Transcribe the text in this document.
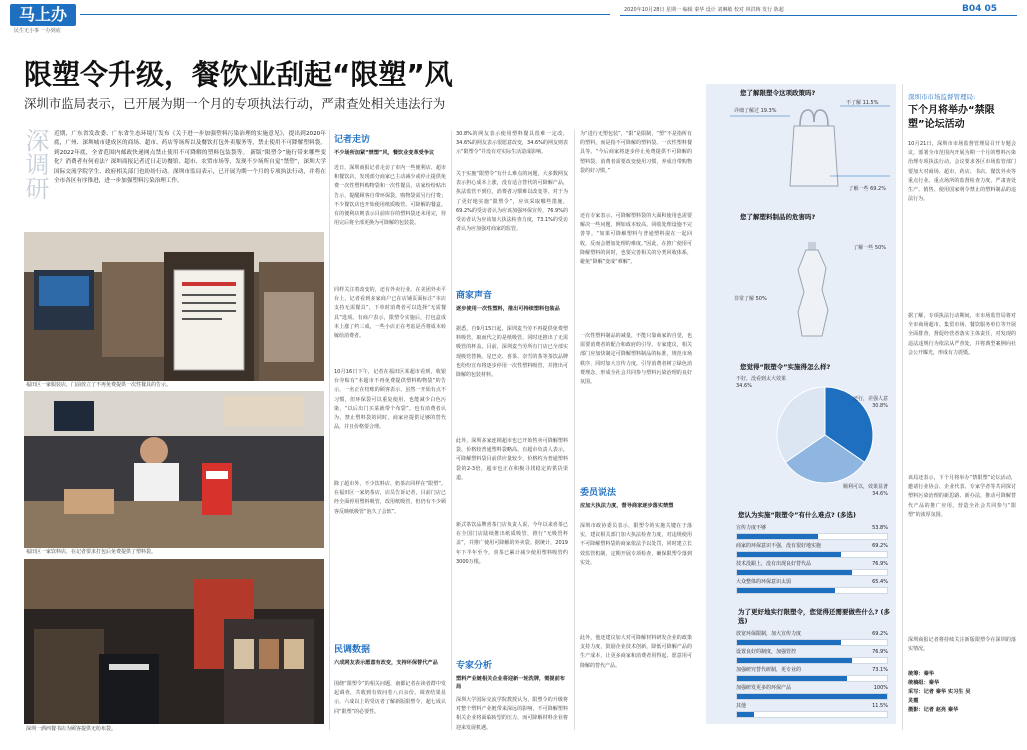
马上办
民生无小事 一办到底
2020年10月28日 星期一 编辑 秦华 设计 刘琳敏 校对 林洪梅 发行 陈超	B04 05
限塑令升级，餐饮业刮起“限塑”风
深圳市监局表示，已开展为期一个月的专项执法行动，严肃查处相关违法行为
深调研 近期，广东省发改委、广东省生态环境厅发布《关于进一步加强塑料污染治理的实施意见》，提出到2020年底，广州、深圳城市建成区的商场、超市、药店等场所以及餐饮打包外卖服务等，禁止使用不可降解塑料袋。到2022年底，全省范围内邮政快递网点禁止使用不可降解的塑料包装袋等。 新版“限塑令”施行带来哪些变化？消费者有何看法？深圳商报记者近日走访餐馆、超市、农贸市场等，发现不少场所自觉“禁塑”，深圳大学国际交流学院学生、政府相关部门也纷纷行动。深圳市监局表示，已开展为期一个月的专项执法行动，并将在全市各区有序推进，进一步加强塑料污染治理工作。
福田区一家服装店，门前放立了不再免费提供一次性餐具的告示。
福田区一家饮料店，在记者要求打包后免费提供了塑料袋。
深圳一酒西餐书店为顾客提供无纺布袋。
记者走访
不少场所加紧“禁塑”风，餐饮业变革受争议
近日，深圳商报记者走访了市内一些便利店、超市和餐饮店，发现部分商家已主动减少或停止提供免费一次性塑料购物袋和一次性餐具，店家纷纷贴出告示，提醒顾客自带环保袋，购物袋需另行付费；不少餐饮店也开始使用纸质吸管、可降解的餐盒。有的便利店则表示目前库存的塑料袋还未用完，待用完后将全部更换为可降解的包装袋。
同样关注着改变的，还有外卖行业。在美团外卖平台上，记者看到多家商户已在店铺页面标注“本店支持无需餐具”，下单时消费者可以选择“无需餐具”选项。有商户表示，限塑令实施后，打包盒成本上涨了约三成，一些小店正在考虑是否将成本转嫁给消费者。
10月16日下午，记者在福田区某超市看到，收银台旁贴有“本超市不再免费提供塑料购物袋”的告示，一名正在结账的顾客表示，虽然一开始有点不习惯，但环保袋可以重复使用，也能减少白色污染，“以后出门买菜就带个布袋”。也有消费者认为，禁止塑料袋的同时，商家应提供足够的替代品，并且价格要合理。
除了超市外，不少饮料店、奶茶店同样在“限塑”。在福田区一家奶茶店，店员告诉记者，目前门店已经全面停用塑料吸管，改用纸吸管，但仍有不少顾客反映纸吸管“泡久了会软”。
民调数据
六成网友表示愿意有改变，支持环保替代产品
围绕“限塑令”的相关问题，南都记者在读者群中发起调查，共收到有效问卷八百余份。调查结果显示，六成以上的受访者了解新版限塑令，超七成认同“限塑”的必要性。
30.8%的网友表示使用塑料餐具很难一定改，34.6%的网友表示很愿意改变，34.6%的网友则表示“限塑令”并没有对实际生活造成影响。
关于实施“限塑令”有什么难点的问题，大多数网友表示担心成本上涨，没有适合替代的可降解产品，执法监管不到位，消费者习惯难以改变等。对于为了更好地实施“限塑令”，应该采取哪些措施，69.2%的受访者认为应该加强环保宣传，76.9%的受访者认为应该加大执法检查力度，73.1%的受访者认为应加强对商家的监管。
商家声音
逐步使用一次性塑料，推出可持续塑料包装品
据悉，自9月15日起，深圳麦当劳不再提供免费塑料吸管，取而代之的是纸吸管，同时还推出了无需吸管的杯盖。目前，深圳麦当劳所有门店已全部实现吸管替换。星巴克、喜茶、奈雪的茶等茶饮品牌也纷纷宣布将逐步停用一次性塑料吸管，并推出可降解的包装材料。
此外，深圳多家连锁超市也已开始售卖可降解塑料袋，价格较普通塑料袋略高。有超市负责人表示，可降解塑料袋目前供应量较少，价格约为普通塑料袋的2-3倍，超市也正在积极寻找稳定的供货渠道。
新式茶饮品牌喜茶门店负责人说，今年以来喜茶已在全国门店陆续推出纸质吸管，推行“无吸管杯盖”，并推广使用可降解的外卖袋。据统计，2019年下半年至今，喜茶已累计减少使用塑料吸管约3000万根。
专家分析
塑料产业链相关企业将迎新一轮洗牌，需提前布局
深圳大学国际交流学院教授认为，限塑令的升级将对整个塑料产业链带来深远的影响，不可降解塑料相关企业将面临转型的压力，而可降解材料企业将迎来发展机遇。
为“进行无塑包装”，“限”是限制，“塑”不是指所有的塑料，而是指不可降解的塑料袋、一次性塑料餐具等。“今后商家将逐步停止免费提供不可降解的塑料袋，消费者需要改变使用习惯，养成自带购物袋的好习惯。”
还有专家表示，可降解塑料袋的大面积使用也需要解决一些问题，例如成本较高、回收处理设施不完善等。“如果可降解塑料与普通塑料混在一起回收，反而会增加处理的难度。”因此，在推广使用可降解塑料的同时，也要完善相关的分类回收体系，避免“降解”变成“难解”。
一次性塑料制品的减量，不能只靠商家的自觉，也需要消费者的配合和政府的引导。专家建议，相关部门应加快制定可降解塑料制品的标准，规范市场秩序，同时加大宣传力度，引导消费者树立绿色消费理念，形成全社会共同参与塑料污染治理的良好氛围。
委员说法
应加大执法力度，督导商家逐步落实禁塑
深圳市政协委员表示，限塑令的实施关键在于落实，建议相关部门加大执法检查力度，对违规使用不可降解塑料袋的商家依法予以处罚，同时建立长效监管机制，定期开展专项检查，确保限塑令落到实处。
此外，他还建议加大对可降解材料研发企业的政策支持力度，鼓励企业技术创新，降低可降解产品的生产成本，让更多商家和消费者用得起、愿意用可降解的替代产品。
您了解限塑令这项政策吗?
不了解 11.5%
详细了解过 19.3%
了解一些 69.2%
您了解塑料制品的危害吗?
了解一些 50%
非常了解 50%
您觉得“限塑令”实施得怎么样?
不好，没看到太大效果 34.6%
还行，差强人意 30.8%
顺利可以，效果显著 34.6%
您认为实施“限塑令”有什么难点? (多选)
宣传力度不够	53.8%
商家的环保意识不强，没有很好地实施	69.2%
技术没跟上，没有出现良好替代品	76.9%
大众整体的环保意识太弱	65.4%
为了更好地实行限塑令，您觉得还需要做些什么? (多选)
放宽环保限制，加大宣传力度	69.2%
设置良好的制度，加强管控	76.9%
加强研究替代研制，更专业的	73.1%
加强研发更多的环保产品	100%
其他	11.5%
深圳市市场监督管理局:
下个月将举办“禁限塑”论坛活动
10月21日，深圳市市场监督管理局召开专题会议，部署全市范围内开展为期一个月的塑料污染治理专项执法行动。会议要求各区市场监管部门要加大对商场、超市、药店、书店、餐饮外卖等重点行业、重点场所的监督检查力度，严肃查处生产、销售、使用国家明令禁止的塑料制品的违法行为。
据了解，专项执法行动期间，市市场监管局将对全市商场超市、集贸市场、餐饮服务单位等开展全面排查，督促经营者落实主体责任，对发现的违法违规行为依法从严查处，并将典型案例向社会公开曝光，形成有力震慑。
该局还表示，下个月将举办“禁限塑”论坛活动，邀请行业协会、企业代表、专家学者等共同探讨塑料污染治理的新思路、新办法，推动可降解替代产品的推广应用，营造全社会共同参与“限塑”的浓厚氛围。
深圳商报记者将持续关注新版限塑令在深圳的落实情况。
统筹：秦华
统稿组：秦华
采写：记者 秦华 实习生 吴
灵霞
摄影：记者 赵亮 秦华
